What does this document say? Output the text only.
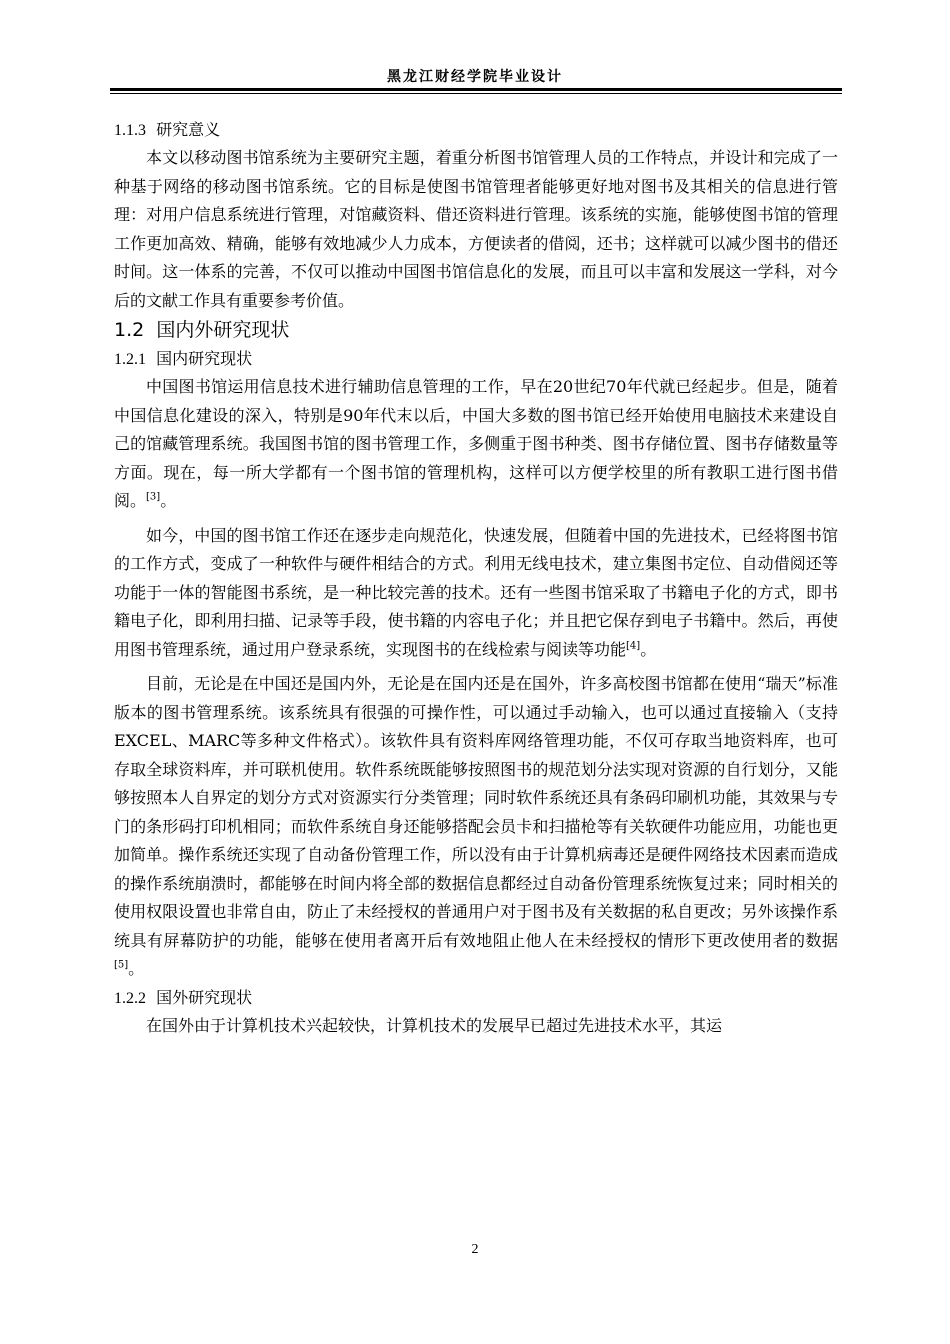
黑龙江财经学院毕业设计
1.1.3 研究意义

本文以移动图书馆系统为主要研究主题，着重分析图书馆管理人员的工作特点，并设计和完成了一种基于网络的移动图书馆系统。它的目标是使图书馆管理者能够更好地对图书及其相关的信息进行管理：对用户信息系统进行管理，对馆藏资料、借还资料进行管理。该系统的实施，能够使图书馆的管理工作更加高效、精确，能够有效地减少人力成本，方便读者的借阅，还书；这样就可以减少图书的借还时间。这一体系的完善，不仅可以推动中国图书馆信息化的发展，而且可以丰富和发展这一学科，对今后的文献工作具有重要参考价值。

1.2 国内外研究现状
1.2.1 国内研究现状

中国图书馆运用信息技术进行辅助信息管理的工作，早在20世纪70年代就已经起步。但是，随着中国信息化建设的深入，特别是90年代末以后，中国大多数的图书馆已经开始使用电脑技术来建设自己的馆藏管理系统。我国图书馆的图书管理工作，多侧重于图书种类、图书存储位置、图书存储数量等方面。现在，每一所大学都有一个图书馆的管理机构，这样可以方便学校里的所有教职工进行图书借阅。[3]。

如今，中国的图书馆工作还在逐步走向规范化，快速发展，但随着中国的先进技术，已经将图书馆的工作方式，变成了一种软件与硬件相结合的方式。利用无线电技术，建立集图书定位、自动借阅还等功能于一体的智能图书系统，是一种比较完善的技术。还有一些图书馆采取了书籍电子化的方式，即书籍电子化，即利用扫描、记录等手段，使书籍的内容电子化；并且把它保存到电子书籍中。然后，再使用图书管理系统，通过用户登录系统，实现图书的在线检索与阅读等功能[4]。

目前，无论是在中国还是国内外，无论是在国内还是在国外，许多高校图书馆都在使用“瑞天”标准版本的图书管理系统。该系统具有很强的可操作性，可以通过手动输入，也可以通过直接输入（支持 EXCEL、MARC等多种文件格式）。该软件具有资料库网络管理功能，不仅可存取当地资料库，也可存取全球资料库，并可联机使用。软件系统既能够按照图书的规范划分法实现对资源的自行划分，又能够按照本人自界定的划分方式对资源实行分类管理；同时软件系统还具有条码印刷机功能，其效果与专门的条形码打印机相同；而软件系统自身还能够搭配会员卡和扫描枪等有关软硬件功能应用，功能也更加简单。操作系统还实现了自动备份管理工作，所以没有由于计算机病毒还是硬件网络技术因素而造成的操作系统崩溃时，都能够在时间内将全部的数据信息都经过自动备份管理系统恢复过来；同时相关的使用权限设置也非常自由，防止了未经授权的普通用户对于图书及有关数据的私自更改；另外该操作系统具有屏幕防护的功能，能够在使用者离开后有效地阻止他人在未经授权的情形下更改使用者的数据[5]。

1.2.2 国外研究现状

在国外由于计算机技术兴起较快，计算机技术的发展早已超过先进技术水平，其运

2
